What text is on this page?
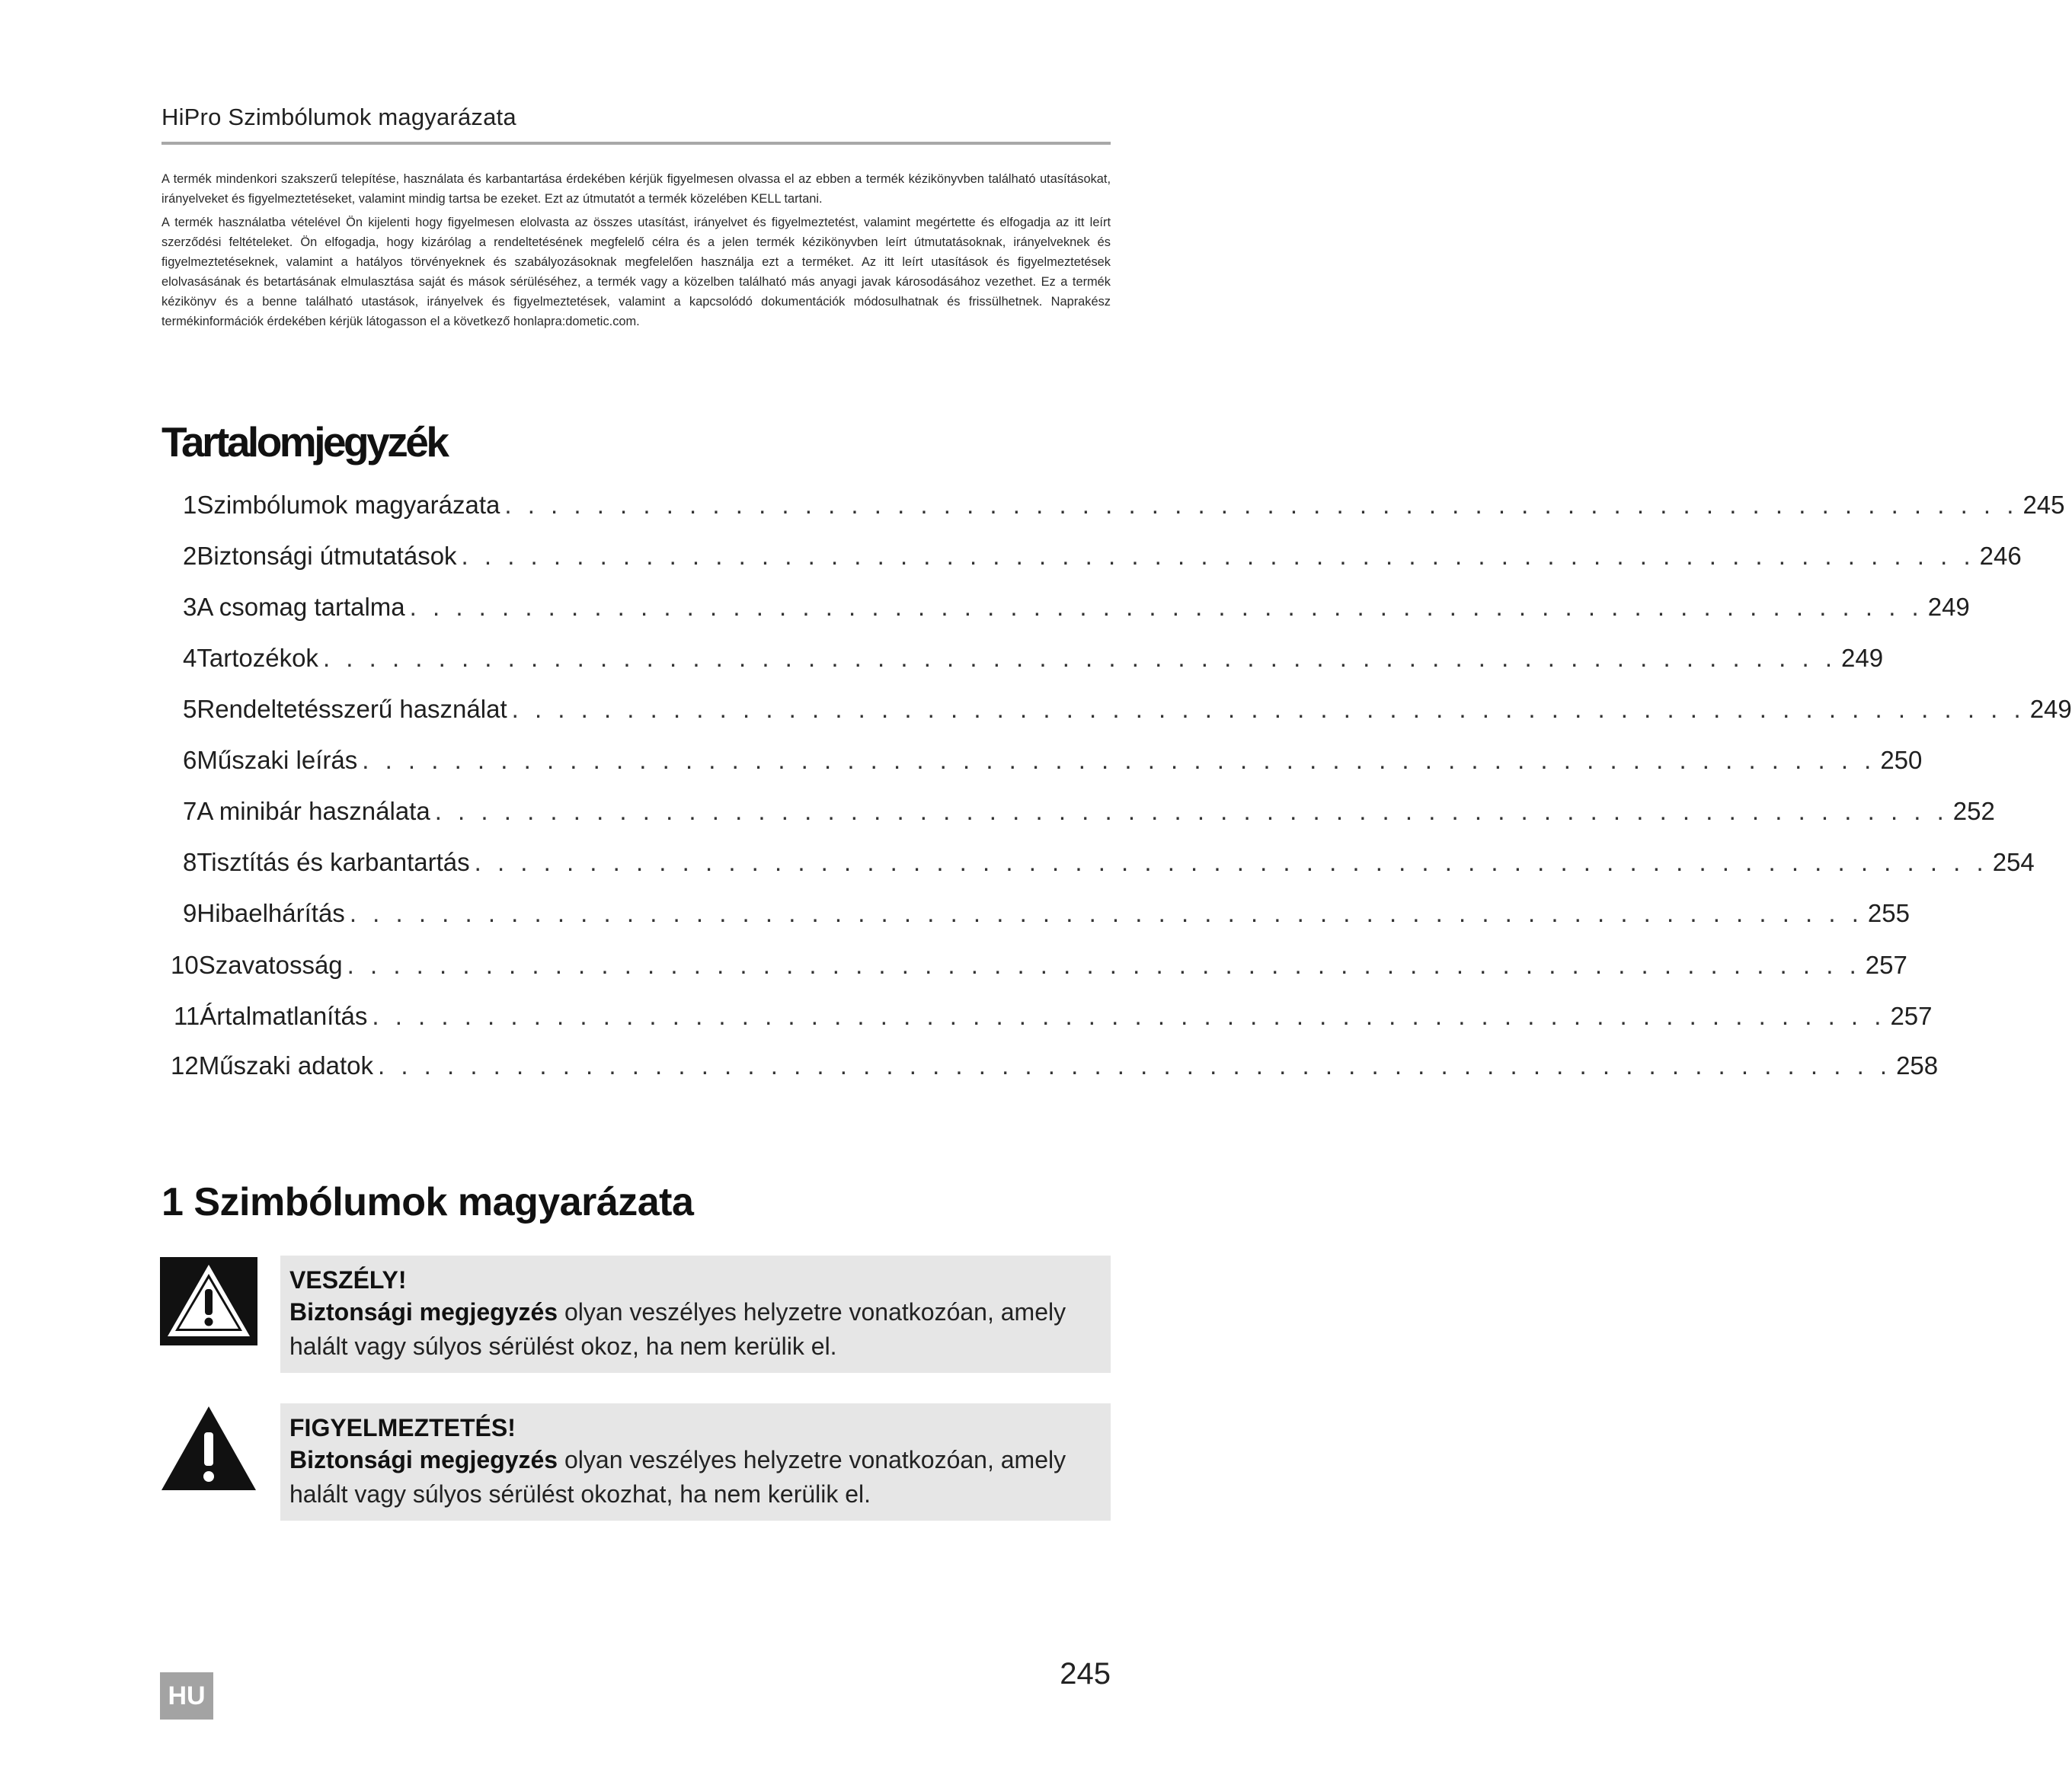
HiPro Szimbólumok magyarázata

A termék mindenkori szakszerű telepítése, használata és karbantartása érdekében kérjük figyelmesen olvassa el az ebben a termék kézikönyvben található utasításokat, irányelveket és figyelmeztetéseket, valamint mindig tartsa be ezeket. Ezt az útmutatót a termék közelében KELL tartani.

A termék használatba vételével Ön kijelenti hogy figyelmesen elolvasta az összes utasítást, irányelvet és figyelmeztetést, valamint megértette és elfogadja az itt leírt szerződési feltételeket. Ön elfogadja, hogy kizárólag a rendeltetésének megfelelő célra és a jelen termék kézikönyvben leírt útmutatásoknak, irányelveknek és figyelmeztetéseknek, valamint a hatályos törvényeknek és szabályozásoknak megfelelően használja ezt a terméket. Az itt leírt utasítások és figyelmeztetések elolvasásának és betartásának elmulasztása saját és mások sérüléséhez, a termék vagy a közelben található más anyagi javak károsodásához vezethet. Ez a termék kézikönyv és a benne található utastások, irányelvek és figyelmeztetések, valamint a kapcsolódó dokumentációk módosulhatnak és frissülhetnek. Naprakész termékinformációk érdekében kérjük látogasson el a következő honlapra:dometic.com.

Tartalomjegyzék
1 Szimbólumok magyarázata . . . . . . . . . . . . . . . . . . . . . . . . . . . . . . . . . . . . . . . . . . . . . . . . . . . . . . . . . . . . . . . . . . 245
2 Biztonsági útmutatások . . . . . . . . . . . . . . . . . . . . . . . . . . . . . . . . . . . . . . . . . . . . . . . . . . . . . . . . . . . . . . . . . . 246
3 A csomag tartalma . . . . . . . . . . . . . . . . . . . . . . . . . . . . . . . . . . . . . . . . . . . . . . . . . . . . . . . . . . . . . . . . . . 249
4 Tartozékok . . . . . . . . . . . . . . . . . . . . . . . . . . . . . . . . . . . . . . . . . . . . . . . . . . . . . . . . . . . . . . . . . . 249
5 Rendeltetésszerű használat . . . . . . . . . . . . . . . . . . . . . . . . . . . . . . . . . . . . . . . . . . . . . . . . . . . . . . . . . . . . . . . . . . 249
6 Műszaki leírás . . . . . . . . . . . . . . . . . . . . . . . . . . . . . . . . . . . . . . . . . . . . . . . . . . . . . . . . . . . . . . . . . . 250
7 A minibár használata . . . . . . . . . . . . . . . . . . . . . . . . . . . . . . . . . . . . . . . . . . . . . . . . . . . . . . . . . . . . . . . . . . 252
8 Tisztítás és karbantartás . . . . . . . . . . . . . . . . . . . . . . . . . . . . . . . . . . . . . . . . . . . . . . . . . . . . . . . . . . . . . . . . . . 254
9 Hibaelhárítás . . . . . . . . . . . . . . . . . . . . . . . . . . . . . . . . . . . . . . . . . . . . . . . . . . . . . . . . . . . . . . . . . . 255
10 Szavatosság . . . . . . . . . . . . . . . . . . . . . . . . . . . . . . . . . . . . . . . . . . . . . . . . . . . . . . . . . . . . . . . . . . 257
11 Ártalmatlanítás . . . . . . . . . . . . . . . . . . . . . . . . . . . . . . . . . . . . . . . . . . . . . . . . . . . . . . . . . . . . . . . . . . 257
12 Műszaki adatok . . . . . . . . . . . . . . . . . . . . . . . . . . . . . . . . . . . . . . . . . . . . . . . . . . . . . . . . . . . . . . . . . . 258
1 Szimbólumok magyarázata
VESZÉLY!
Biztonsági megjegyzés olyan veszélyes helyzetre vonatkozóan, amely halált vagy súlyos sérülést okoz, ha nem kerülik el.
FIGYELMEZTETÉS!
Biztonsági megjegyzés olyan veszélyes helyzetre vonatkozóan, amely halált vagy súlyos sérülést okozhat, ha nem kerülik el.
HU
245
